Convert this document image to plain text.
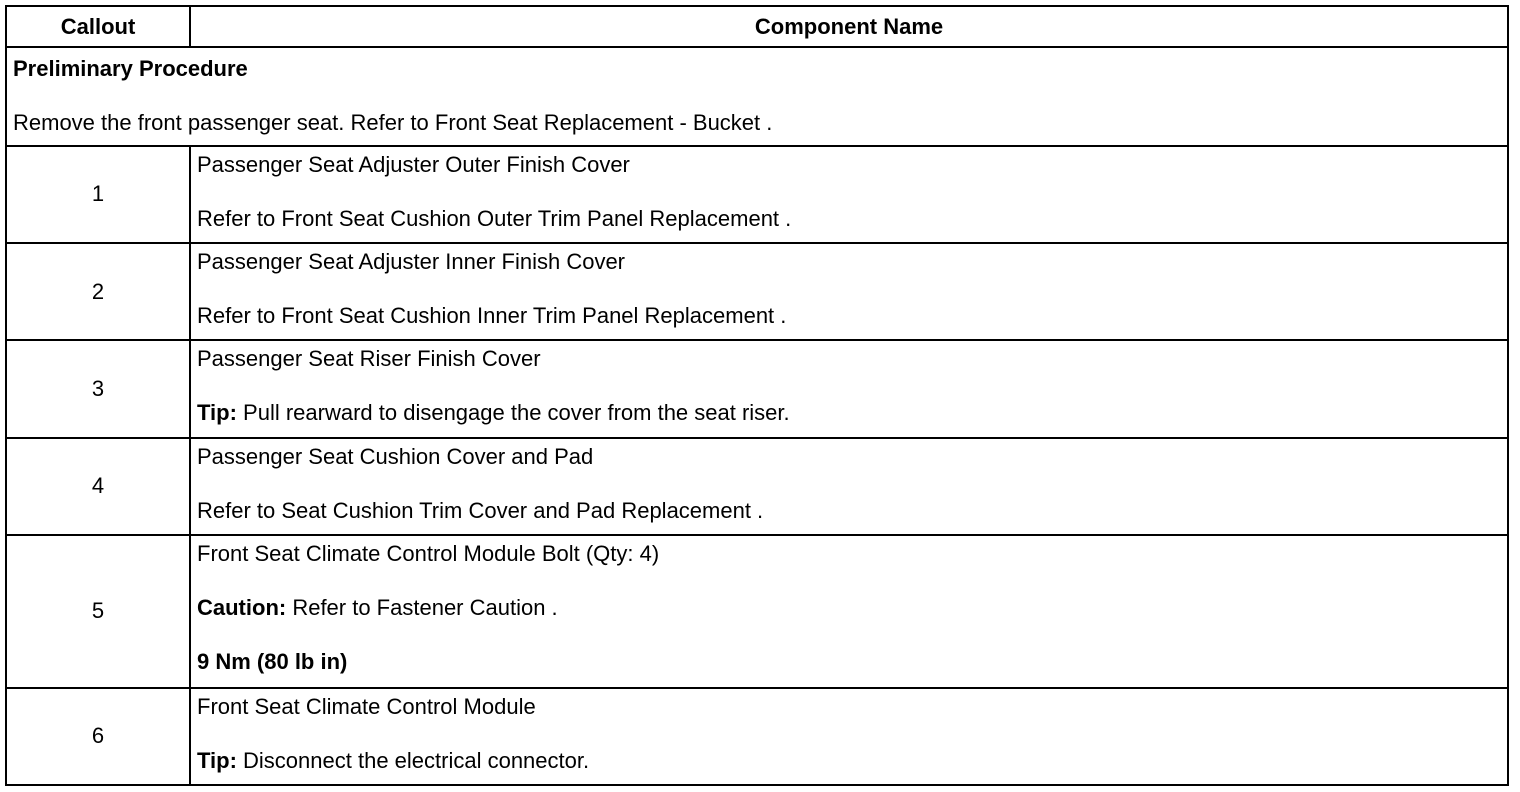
Callout	Component Name

Preliminary Procedure

Remove the front passenger seat. Refer to Front Seat Replacement - Bucket .	

1	Passenger Seat Adjuster Outer Finish Cover

Refer to Front Seat Cushion Outer Trim Panel Replacement .

2	Passenger Seat Adjuster Inner Finish Cover

Refer to Front Seat Cushion Inner Trim Panel Replacement .

3	Passenger Seat Riser Finish Cover

Tip: Pull rearward to disengage the cover from the seat riser.

4	Passenger Seat Cushion Cover and Pad

Refer to Seat Cushion Trim Cover and Pad Replacement .

5	Front Seat Climate Control Module Bolt (Qty: 4)

Caution: Refer to Fastener Caution .

9 Nm (80 lb in)

6	Front Seat Climate Control Module

Tip: Disconnect the electrical connector.
